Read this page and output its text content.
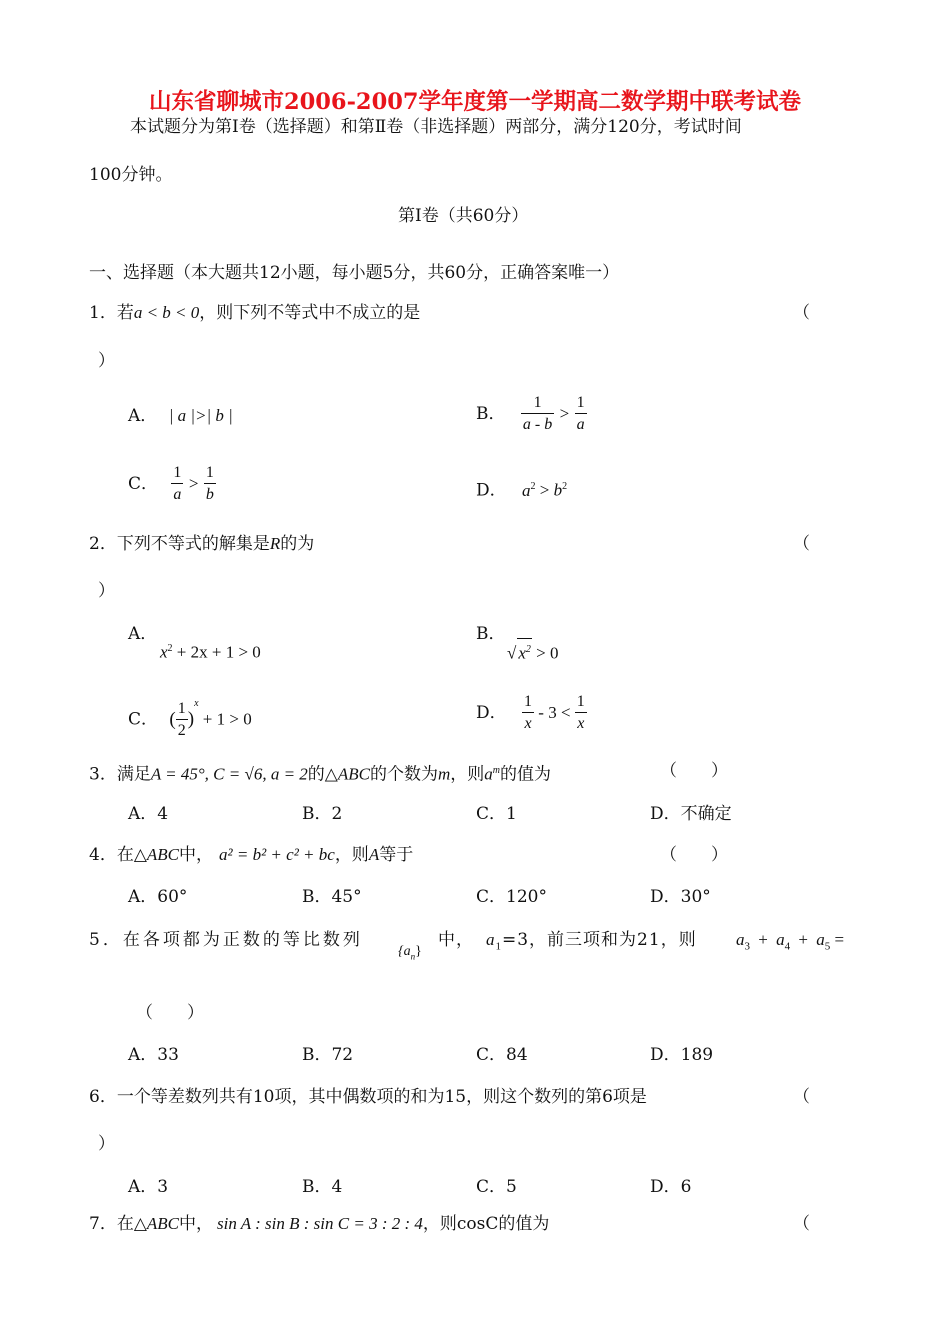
山东省聊城市2006-2007学年度第一学期高二数学期中联考试卷
本试题分为第Ⅰ卷（选择题）和第Ⅱ卷（非选择题）两部分，满分120分，考试时间
100分钟。
第Ⅰ卷（共60分）
一、选择题（本大题共12小题，每小题5分，共60分，正确答案唯一）
1．若a < b < 0，则下列不等式中不成立的是	（
）
A． | a |>| b |	B． $\frac{1}{a - b} > \frac{1}{a}$
C． $\frac{1}{a} > \frac{1}{b}$	D． $a^2 > b^2$
2．下列不等式的解集是R的为	（
）
A．
$x^2 + 2x + 1 > 0$
B．
√ $x^2 > 0$
C． ( $\frac{1}{2} )^x + 1 > 0$	D． $\frac{1}{x} - 3 < \frac{1}{x}$
3．满足A = 45°, C = √6, a = 2的△ABC的个数为m，则$a^m$的值为	（　　）
A．4	B．2	C．1	D．不确定
4．在△ABC中， a² = b² + c² + bc，则A等于	（　　）
A．60°	B．45°	C．120°	D．30°
5．在各项都为正数的等比数列
$\{a_n\}$
中， $a_1=3$，前三项和为21，则 $a_3 + a_4 + a_5$ =
（　　）
A．33	B．72	C．84	D．189
6．一个等差数列共有10项，其中偶数项的和为15，则这个数列的第6项是	（
）
A．3	B．4	C．5	D．6
7．在△ABC中， sin A : sin B : sin C = 3 : 2 : 4，则cosC的值为	（
